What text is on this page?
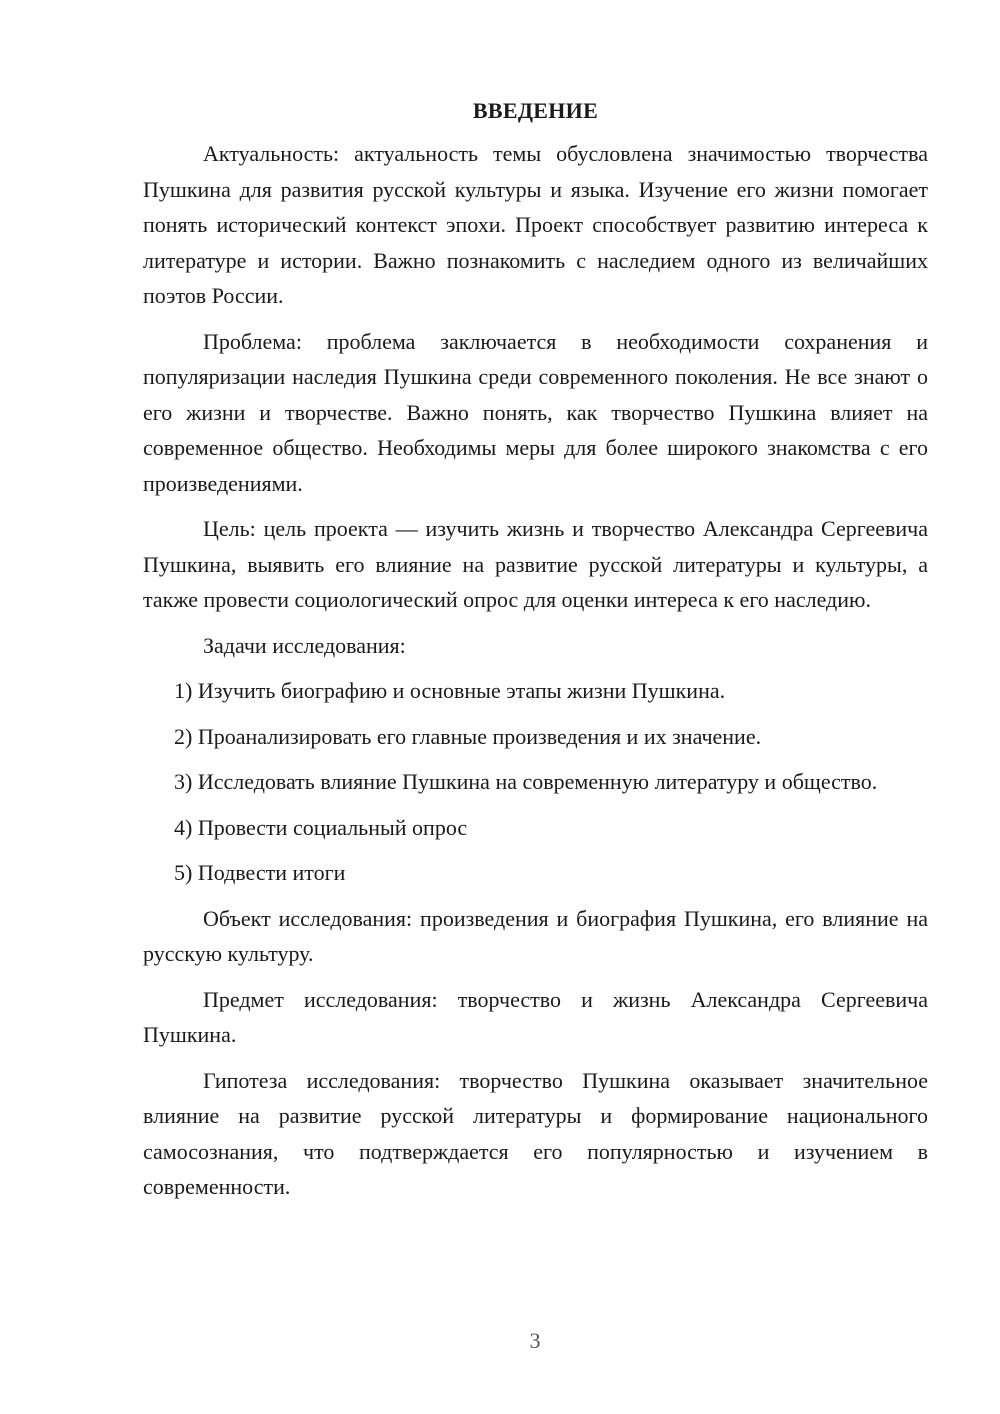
ВВЕДЕНИЕ

Актуальность: актуальность темы обусловлена значимостью творчества Пушкина для развития русской культуры и языка. Изучение его жизни помогает понять исторический контекст эпохи. Проект способствует развитию интереса к литературе и истории. Важно познакомить с наследием одного из величайших поэтов России.

Проблема: проблема заключается в необходимости сохранения и популяризации наследия Пушкина среди современного поколения. Не все знают о его жизни и творчестве. Важно понять, как творчество Пушкина влияет на современное общество. Необходимы меры для более широкого знакомства с его произведениями.

Цель: цель проекта — изучить жизнь и творчество Александра Сергеевича Пушкина, выявить его влияние на развитие русской литературы и культуры, а также провести социологический опрос для оценки интереса к его наследию.

Задачи исследования:

1) Изучить биографию и основные этапы жизни Пушкина.

2) Проанализировать его главные произведения и их значение.

3) Исследовать влияние Пушкина на современную литературу и общество.

4) Провести социальный опрос

5) Подвести итоги

Объект исследования: произведения и биография Пушкина, его влияние на русскую культуру.

Предмет исследования: творчество и жизнь Александра Сергеевича Пушкина.

Гипотеза исследования: творчество Пушкина оказывает значительное влияние на развитие русской литературы и формирование национального самосознания, что подтверждается его популярностью и изучением в современности.

3
